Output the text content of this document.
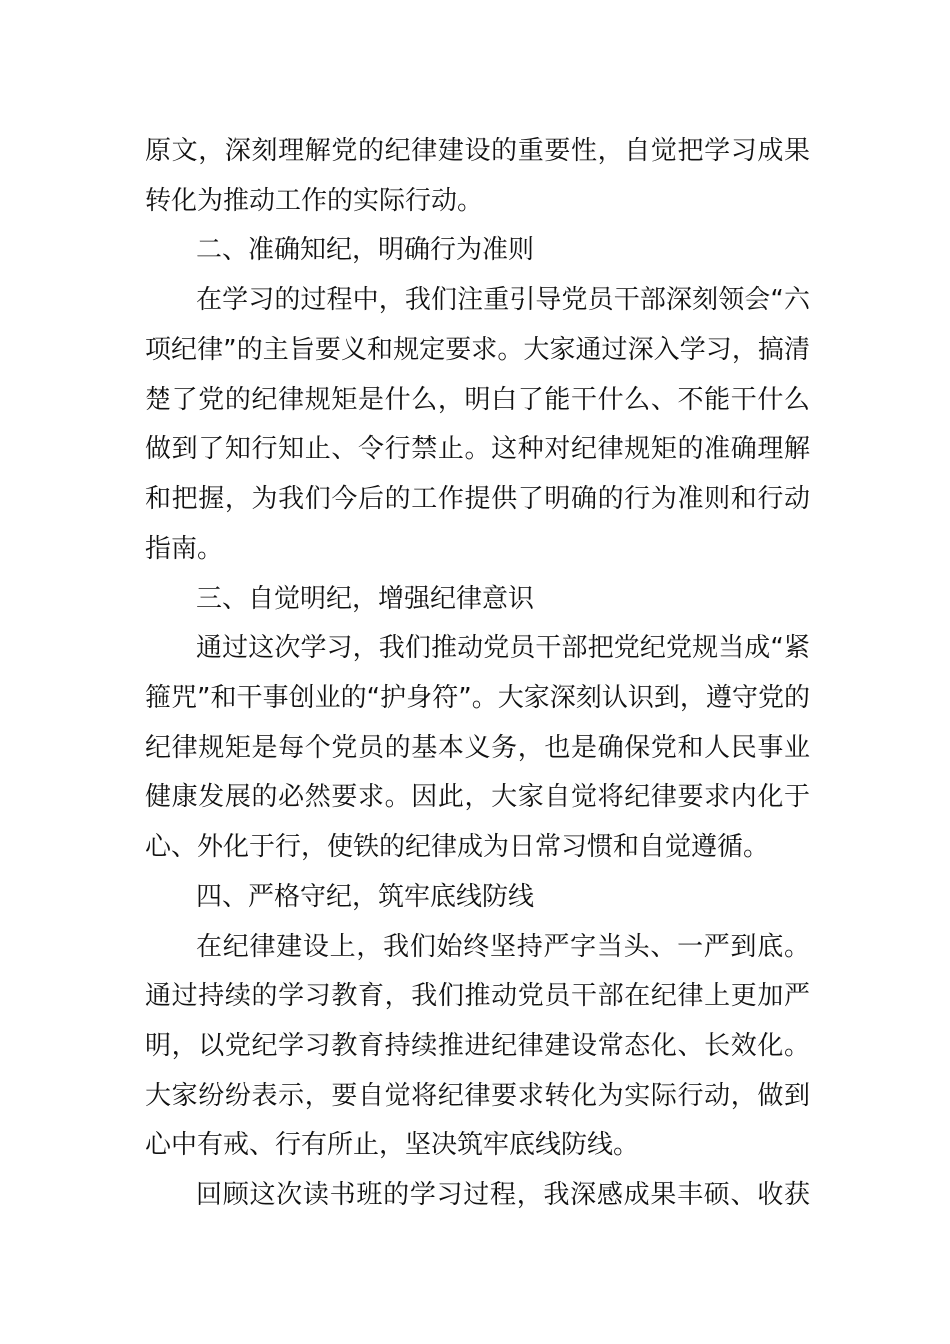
原文，深刻理解党的纪律建设的重要性，自觉把学习成果
转化为推动工作的实际行动。
二、准确知纪，明确行为准则
在学习的过程中，我们注重引导党员干部深刻领会“六
项纪律”的主旨要义和规定要求。大家通过深入学习，搞清
楚了党的纪律规矩是什么，明白了能干什么、不能干什么
做到了知行知止、令行禁止。这种对纪律规矩的准确理解
和把握，为我们今后的工作提供了明确的行为准则和行动
指南。
三、自觉明纪，增强纪律意识
通过这次学习，我们推动党员干部把党纪党规当成“紧
箍咒”和干事创业的“护身符”。大家深刻认识到，遵守党的
纪律规矩是每个党员的基本义务，也是确保党和人民事业
健康发展的必然要求。因此，大家自觉将纪律要求内化于
心、外化于行，使铁的纪律成为日常习惯和自觉遵循。
四、严格守纪，筑牢底线防线
在纪律建设上，我们始终坚持严字当头、一严到底。
通过持续的学习教育，我们推动党员干部在纪律上更加严
明，以党纪学习教育持续推进纪律建设常态化、长效化。
大家纷纷表示，要自觉将纪律要求转化为实际行动，做到
心中有戒、行有所止，坚决筑牢底线防线。
回顾这次读书班的学习过程，我深感成果丰硕、收获
